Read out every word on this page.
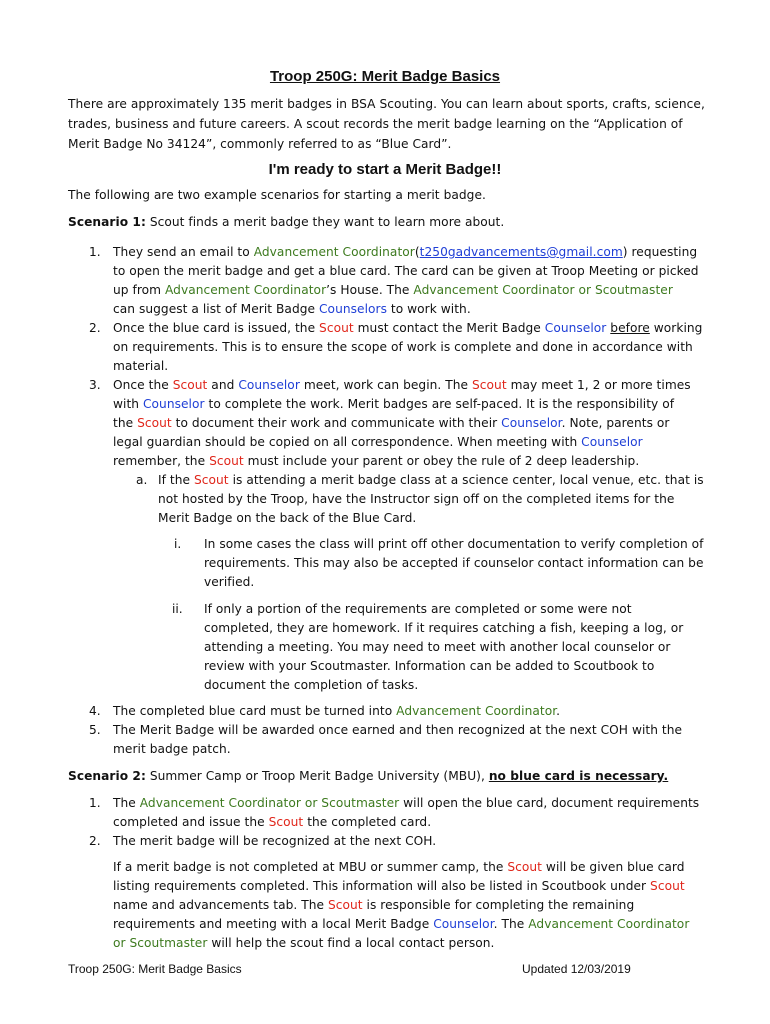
Troop 250G: Merit Badge Basics
There are approximately 135 merit badges in BSA Scouting. You can learn about sports, crafts, science,
trades, business and future careers. A scout records the merit badge learning on the “Application of
Merit Badge No 34124”, commonly referred to as “Blue Card”.
I'm ready to start a Merit Badge!!
The following are two example scenarios for starting a merit badge.
Scenario 1: Scout finds a merit badge they want to learn more about.
1. They send an email to Advancement Coordinator(t250gadvancements@gmail.com) requesting
to open the merit badge and get a blue card. The card can be given at Troop Meeting or picked
up from Advancement Coordinator’s House. The Advancement Coordinator or Scoutmaster
can suggest a list of Merit Badge Counselors to work with.
2. Once the blue card is issued, the Scout must contact the Merit Badge Counselor before working
on requirements. This is to ensure the scope of work is complete and done in accordance with
material.
3. Once the Scout and Counselor meet, work can begin. The Scout may meet 1, 2 or more times
with Counselor to complete the work. Merit badges are self-paced. It is the responsibility of
the Scout to document their work and communicate with their Counselor. Note, parents or
legal guardian should be copied on all correspondence. When meeting with Counselor
remember, the Scout must include your parent or obey the rule of 2 deep leadership.
a. If the Scout is attending a merit badge class at a science center, local venue, etc. that is
not hosted by the Troop, have the Instructor sign off on the completed items for the
Merit Badge on the back of the Blue Card.
i. In some cases the class will print off other documentation to verify completion of
requirements. This may also be accepted if counselor contact information can be
verified.
ii. If only a portion of the requirements are completed or some were not
completed, they are homework. If it requires catching a fish, keeping a log, or
attending a meeting. You may need to meet with another local counselor or
review with your Scoutmaster. Information can be added to Scoutbook to
document the completion of tasks.
4. The completed blue card must be turned into Advancement Coordinator.
5. The Merit Badge will be awarded once earned and then recognized at the next COH with the
merit badge patch.
Scenario 2: Summer Camp or Troop Merit Badge University (MBU), no blue card is necessary.
1. The Advancement Coordinator or Scoutmaster will open the blue card, document requirements
completed and issue the Scout the completed card.
2. The merit badge will be recognized at the next COH.
If a merit badge is not completed at MBU or summer camp, the Scout will be given blue card
listing requirements completed. This information will also be listed in Scoutbook under Scout
name and advancements tab. The Scout is responsible for completing the remaining
requirements and meeting with a local Merit Badge Counselor. The Advancement Coordinator
or Scoutmaster will help the scout find a local contact person.
Troop 250G: Merit Badge Basics	Updated 12/03/2019
